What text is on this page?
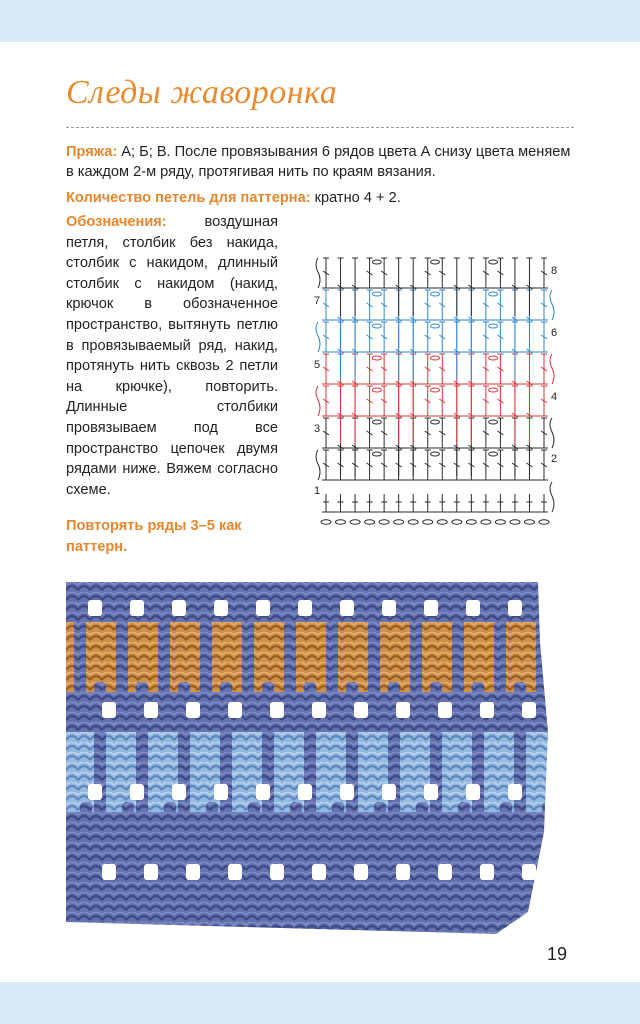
Следы жаворонка
Пряжа: А; Б; В. После провязывания 6 рядов цвета А снизу цвета меняем в каждом 2-м ряду, протягивая нить по краям вязания.
Количество петель для паттерна: кратно 4 + 2.
Обозначения: воздушная петля, столбик без накида, столбик с накидом, длинный столбик с накидом (накид, крючок в обозначенное пространство, вытянуть петлю в провязываемый ряд, накид, протянуть нить сквозь 2 петли на крючке), повторить. Длинные столбики провязываем под все пространство цепочек двумя рядами ниже. Вяжем согласно схеме.
Повторять ряды 3–5 как паттерн.
1
3
5
7
2
4
6
8
19
